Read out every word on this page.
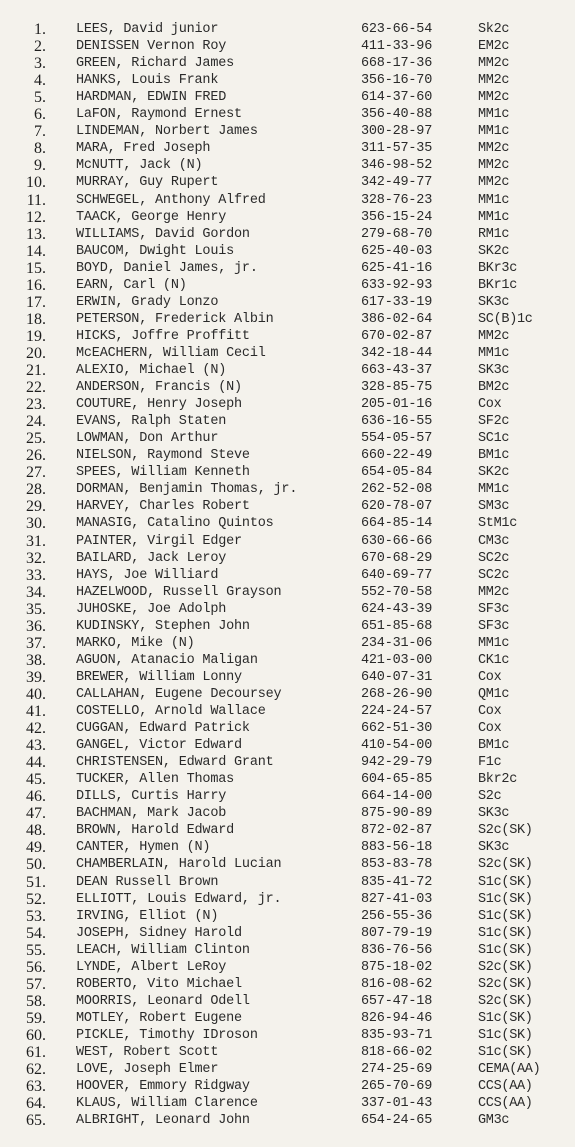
1. LEES, David junior	623-66-54	Sk2c
2. DENISSEN Vernon Roy	411-33-96	EM2c
3. GREEN, Richard James	668-17-36	MM2c
4. HANKS, Louis Frank	356-16-70	MM2c
5. HARDMAN, EDWIN FRED	614-37-60	MM2c
6. LaFON, Raymond Ernest	356-40-88	MM1c
7. LINDEMAN, Norbert James	300-28-97	MM1c
8. MARA, Fred Joseph	311-57-35	MM2c
9. McNUTT, Jack (N)	346-98-52	MM2c
10. MURRAY, Guy Rupert	342-49-77	MM2c
11. SCHWEGEL, Anthony Alfred	328-76-23	MM1c
12. TAACK, George Henry	356-15-24	MM1c
13. WILLIAMS, David Gordon	279-68-70	RM1c
14. BAUCOM, Dwight Louis	625-40-03	SK2c
15. BOYD, Daniel James, jr.	625-41-16	BKr3c
16. EARN, Carl (N)	633-92-93	BKr1c
17. ERWIN, Grady Lonzo	617-33-19	SK3c
18. PETERSON, Frederick Albin	386-02-64	SC(B)1c
19. HICKS, Joffre Proffitt	670-02-87	MM2c
20. McEACHERN, William Cecil	342-18-44	MM1c
21. ALEXIO, Michael (N)	663-43-37	SK3c
22. ANDERSON, Francis (N)	328-85-75	BM2c
23. COUTURE, Henry Joseph	205-01-16	Cox
24. EVANS, Ralph Staten	636-16-55	SF2c
25. LOWMAN, Don Arthur	554-05-57	SC1c
26. NIELSON, Raymond Steve	660-22-49	BM1c
27. SPEES, William Kenneth	654-05-84	SK2c
28. DORMAN, Benjamin Thomas, jr.	262-52-08	MM1c
29. HARVEY, Charles Robert	620-78-07	SM3c
30. MANASIG, Catalino Quintos	664-85-14	StM1c
31. PAINTER, Virgil Edger	630-66-66	CM3c
32. BAILARD, Jack Leroy	670-68-29	SC2c
33. HAYS, Joe Williard	640-69-77	SC2c
34. HAZELWOOD, Russell Grayson	552-70-58	MM2c
35. JUHOSKE, Joe Adolph	624-43-39	SF3c
36. KUDINSKY, Stephen John	651-85-68	SF3c
37. MARKO, Mike (N)	234-31-06	MM1c
38. AGUON, Atanacio Maligan	421-03-00	CK1c
39. BREWER, William Lonny	640-07-31	Cox
40. CALLAHAN, Eugene Decoursey	268-26-90	QM1c
41. COSTELLO, Arnold Wallace	224-24-57	Cox
42. CUGGAN, Edward Patrick	662-51-30	Cox
43. GANGEL, Victor Edward	410-54-00	BM1c
44. CHRISTENSEN, Edward Grant	942-29-79	F1c
45. TUCKER, Allen Thomas	604-65-85	Bkr2c
46. DILLS, Curtis Harry	664-14-00	S2c
47. BACHMAN, Mark Jacob	875-90-89	SK3c
48. BROWN, Harold Edward	872-02-87	S2c(SK)
49. CANTER, Hymen (N)	883-56-18	SK3c
50. CHAMBERLAIN, Harold Lucian	853-83-78	S2c(SK)
51. DEAN Russell Brown	835-41-72	S1c(SK)
52. ELLIOTT, Louis Edward, jr.	827-41-03	S1c(SK)
53. IRVING, Elliot (N)	256-55-36	S1c(SK)
54. JOSEPH, Sidney Harold	807-79-19	S1c(SK)
55. LEACH, William Clinton	836-76-56	S1c(SK)
56. LYNDE, Albert LeRoy	875-18-02	S2c(SK)
57. ROBERTO, Vito Michael	816-08-62	S2c(SK)
58. MOORRIS, Leonard Odell	657-47-18	S2c(SK)
59. MOTLEY, Robert Eugene	826-94-46	S1c(SK)
60. PICKLE, Timothy IDroson	835-93-71	S1c(SK)
61. WEST, Robert Scott	818-66-02	S1c(SK)
62. LOVE, Joseph Elmer	274-25-69	CEMA(AA)
63. HOOVER, Emmory Ridgway	265-70-69	CCS(AA)
64. KLAUS, William Clarence	337-01-43	CCS(AA)
65. ALBRIGHT, Leonard John	654-24-65	GM3c
